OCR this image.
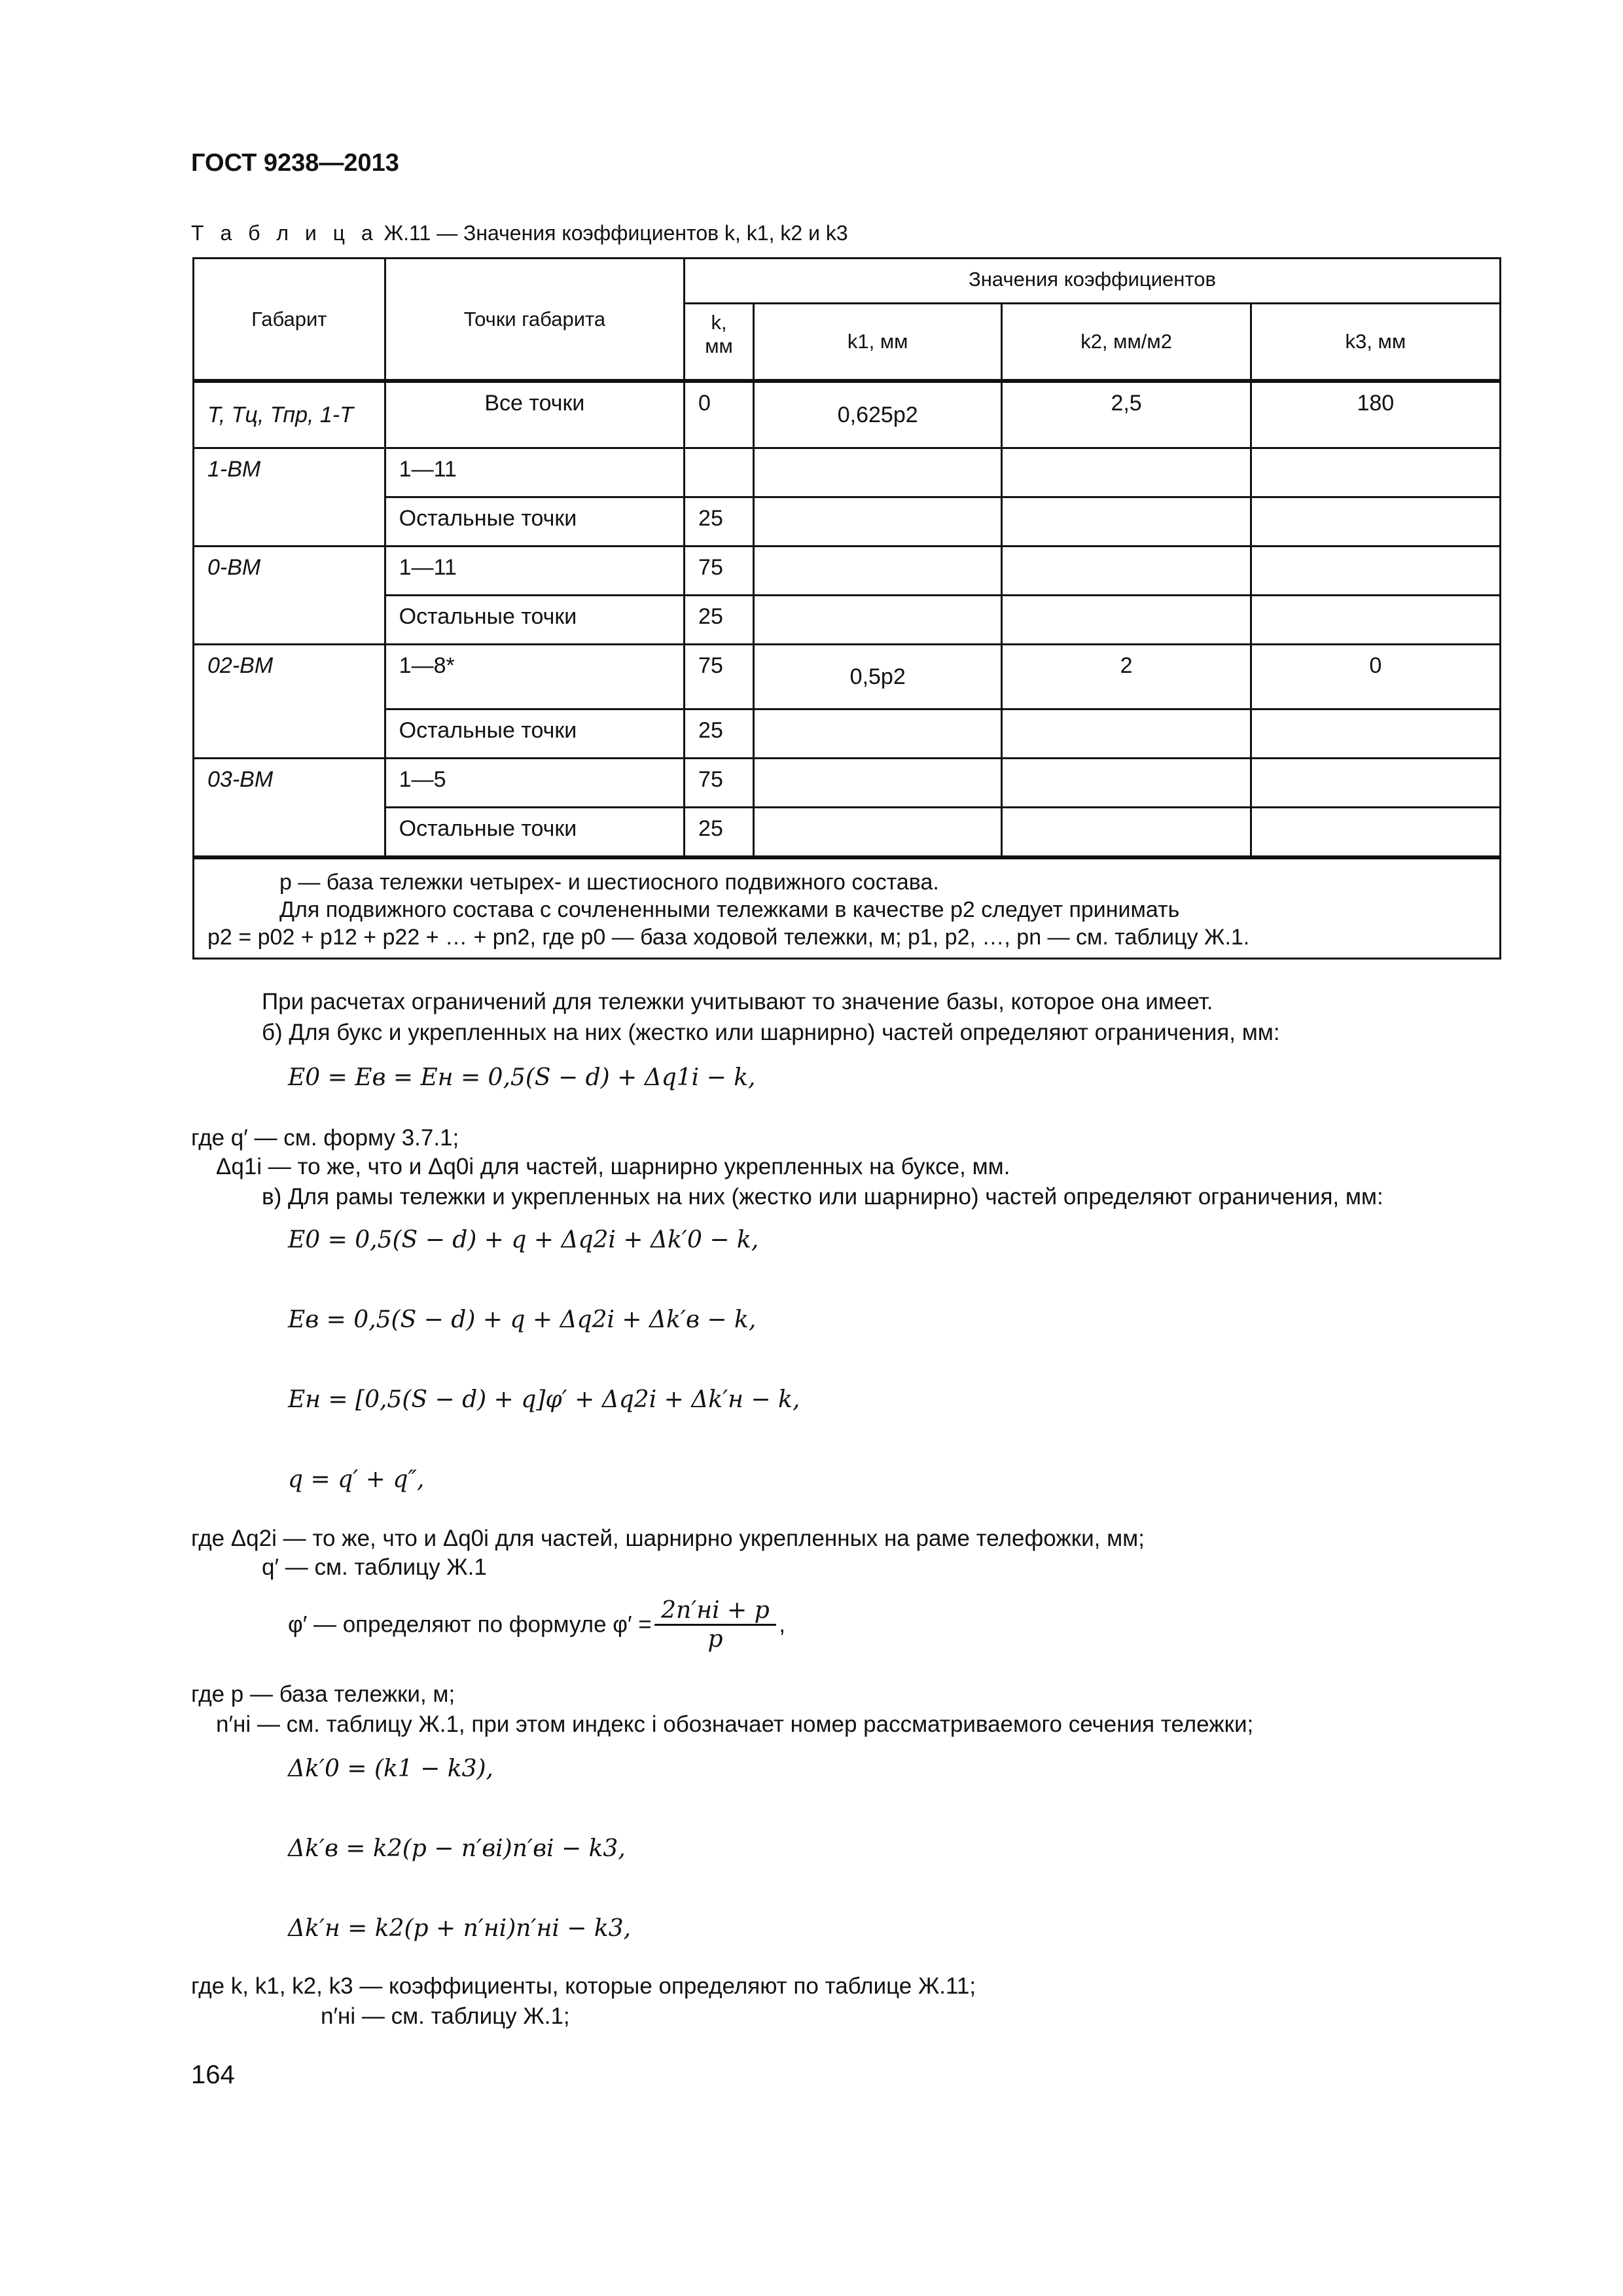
ГОСТ 9238—2013
Т а б л и ц а Ж.11 — Значения коэффициентов k, k1, k2 и k3
Габарит	Точки габарита	Значения коэффициентов			
		k, мм	k1, мм	k2, мм/м2	k3, мм
Т, Тц, Тпр, 1-Т	Все точки	0	0,625p2	2,5	180
1-ВМ	1—11				
	Остальные точки	25			
0-ВМ	1—11	75			
	Остальные точки	25			
02-ВМ	1—8*	75	0,5p2	2	0
	Остальные точки	25			
03-ВМ	1—5	75			
	Остальные точки	25			

p — база тележки четырех- и шестиосного подвижного состава.
Для подвижного состава с сочлененными тележками в качестве p2 следует принимать
p2 = p02 + p12 + p22 + … + pn2, где p0 — база ходовой тележки, м; p1, p2, …, pn — см. таблицу Ж.1.					
При расчетах ограничений для тележки учитывают то значение базы, которое она имеет.
б) Для букс и укрепленных на них (жестко или шарнирно) частей определяют ограничения, мм:
E0 = Eв = Eн = 0,5(S − d) + Δq1i − k,
где q′ — см. форму 3.7.1;
Δq1i — то же, что и Δq0i для частей, шарнирно укрепленных на буксе, мм.
в) Для рамы тележки и укрепленных на них (жестко или шарнирно) частей определяют ограничения, мм:
E0 = 0,5(S − d) + q + Δq2i + Δk′0 − k,
Eв = 0,5(S − d) + q + Δq2i + Δk′в − k,
Eн = [0,5(S − d) + q]φ′ + Δq2i + Δk′н − k,
q = q′ + q″,
где Δq2i — то же, что и Δq0i для частей, шарнирно укрепленных на раме телефожки, мм;
q′ — см. таблицу Ж.1
φ′ — определяют по формуле $\varphi' = \frac{2n'нi + p}{p}$ ,
где p — база тележки, м;
n′нi — см. таблицу Ж.1, при этом индекс i обозначает номер рассматриваемого сечения тележки;
Δk′0 = (k1 − k3),
Δk′в = k2(p − n′вi)n′вi − k3,
Δk′н = k2(p + n′нi)n′нi − k3,
где k, k1, k2, k3 — коэффициенты, которые определяют по таблице Ж.11;
n′нi — см. таблицу Ж.1;
164
